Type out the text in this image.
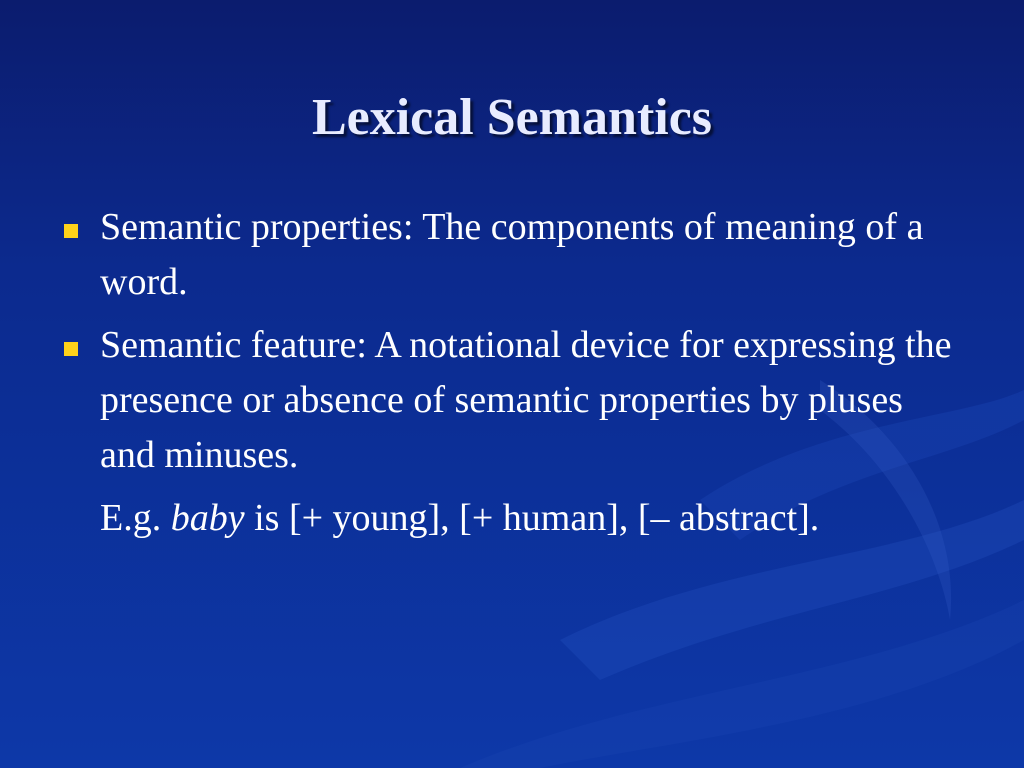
Lexical Semantics
Semantic properties: The components of meaning of a word.
Semantic feature: A notational device for expressing the presence or absence of semantic properties by pluses and minuses.
E.g. baby is [+ young], [+ human], [– abstract].
